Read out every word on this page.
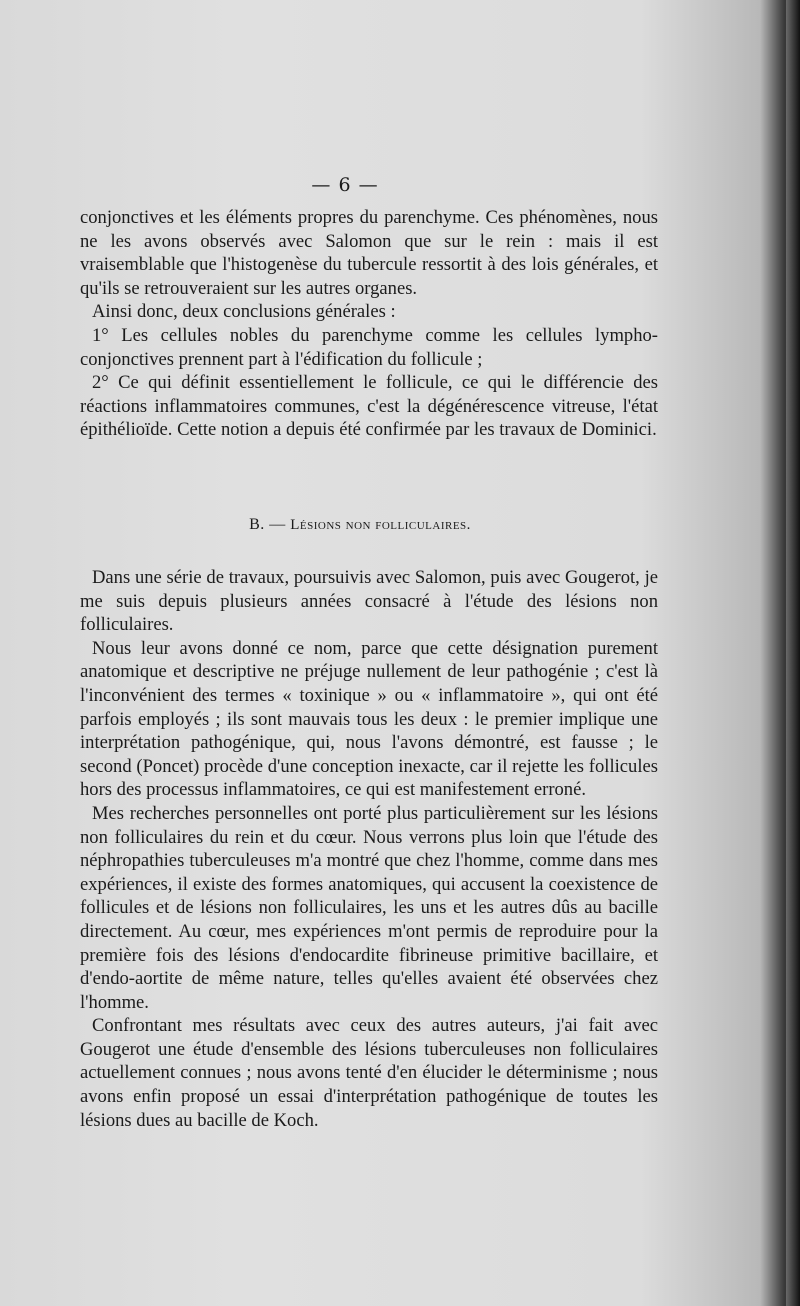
— 6 —

conjonctives et les éléments propres du parenchyme. Ces phénomènes, nous ne les avons observés avec Salomon que sur le rein : mais il est vraisemblable que l'histogenèse du tubercule ressortit à des lois générales, et qu'ils se retrouveraient sur les autres organes.

Ainsi donc, deux conclusions générales :

1° Les cellules nobles du parenchyme comme les cellules lympho-conjonctives prennent part à l'édification du follicule ;

2° Ce qui définit essentiellement le follicule, ce qui le différencie des réactions inflammatoires communes, c'est la dégénérescence vitreuse, l'état épithélioïde. Cette notion a depuis été confirmée par les travaux de Dominici.

B. — Lésions non folliculaires.

Dans une série de travaux, poursuivis avec Salomon, puis avec Gougerot, je me suis depuis plusieurs années consacré à l'étude des lésions non folliculaires.

Nous leur avons donné ce nom, parce que cette désignation purement anatomique et descriptive ne préjuge nullement de leur pathogénie ; c'est là l'inconvénient des termes « toxinique » ou « inflammatoire », qui ont été parfois employés ; ils sont mauvais tous les deux : le premier implique une interprétation pathogénique, qui, nous l'avons démontré, est fausse ; le second (Poncet) procède d'une conception inexacte, car il rejette les follicules hors des processus inflammatoires, ce qui est manifestement erroné.

Mes recherches personnelles ont porté plus particulièrement sur les lésions non folliculaires du rein et du cœur. Nous verrons plus loin que l'étude des néphropathies tuberculeuses m'a montré que chez l'homme, comme dans mes expériences, il existe des formes anatomiques, qui accusent la coexistence de follicules et de lésions non folliculaires, les uns et les autres dûs au bacille directement. Au cœur, mes expériences m'ont permis de reproduire pour la première fois des lésions d'endocardite fibrineuse primitive bacillaire, et d'endo-aortite de même nature, telles qu'elles avaient été observées chez l'homme.

Confrontant mes résultats avec ceux des autres auteurs, j'ai fait avec Gougerot une étude d'ensemble des lésions tuberculeuses non folliculaires actuellement connues ; nous avons tenté d'en élucider le déterminisme ; nous avons enfin proposé un essai d'interprétation pathogénique de toutes les lésions dues au bacille de Koch.
